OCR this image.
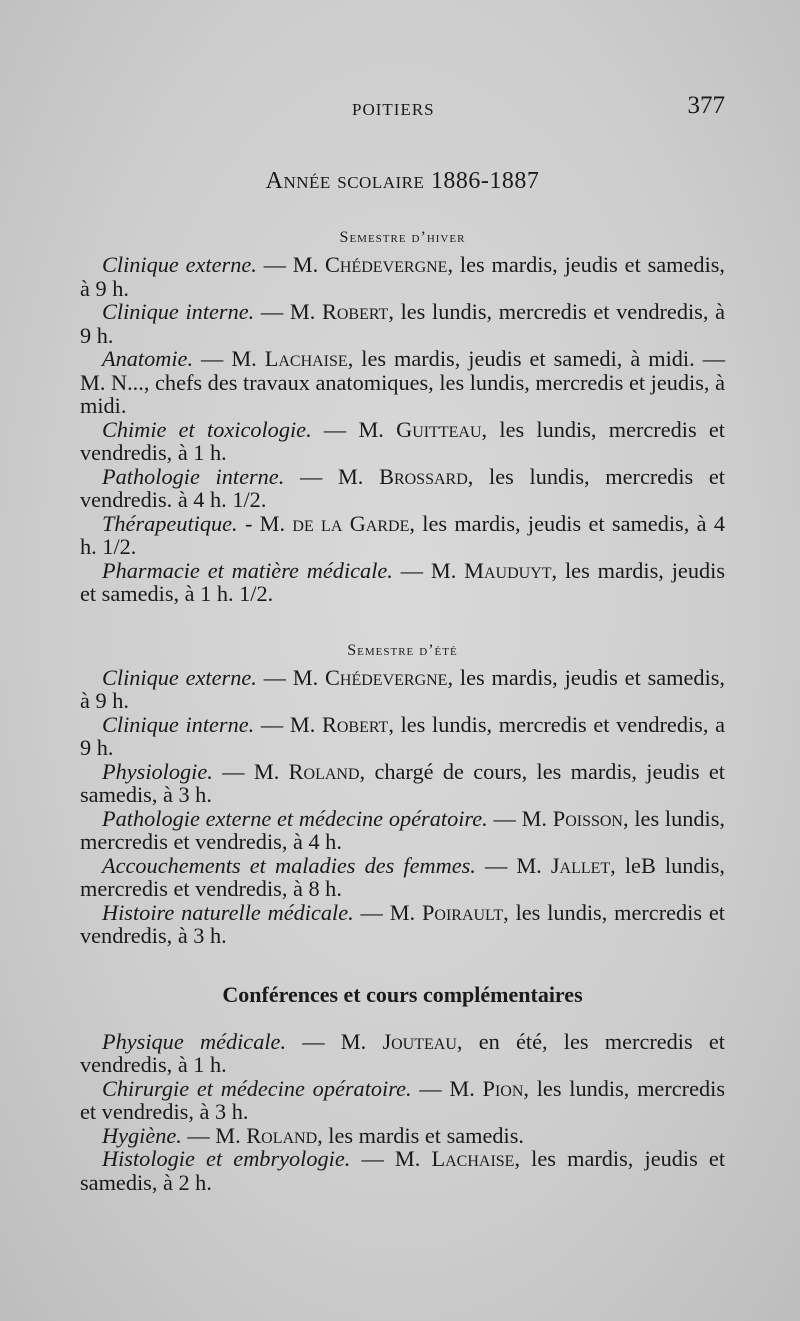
POITIERS	377
Année scolaire 1886-1887
Semestre d’hiver

Clinique externe. — M. Chédevergne, les mardis, jeudis et samedis, à 9 h.

Clinique interne. — M. Robert, les lundis, mercredis et vendredis, à 9 h.

Anatomie. — M. Lachaise, les mardis, jeudis et samedi, à midi. — M. N..., chefs des travaux anatomiques, les lundis, mercredis et jeudis, à midi.

Chimie et toxicologie. — M. Guitteau, les lundis, mercredis et vendredis, à 1 h.

Pathologie interne. — M. Brossard, les lundis, mercredis et vendredis. à 4 h. 1/2.

Thérapeutique. - M. de la Garde, les mardis, jeudis et samedis, à 4 h. 1/2.

Pharmacie et matière médicale. — M. Mauduyt, les mardis, jeudis et samedis, à 1 h. 1/2.

Semestre d’été

Clinique externe. — M. Chédevergne, les mardis, jeudis et samedis, à 9 h.

Clinique interne. — M. Robert, les lundis, mercredis et vendredis, a 9 h.

Physiologie. — M. Roland, chargé de cours, les mardis, jeudis et samedis, à 3 h.

Pathologie externe et médecine opératoire. — M. Poisson, les lundis, mercredis et vendredis, à 4 h.

Accouchements et maladies des femmes. — M. Jallet, leB lundis, mercredis et vendredis, à 8 h.

Histoire naturelle médicale. — M. Poirault, les lundis, mercredis et vendredis, à 3 h.

Conférences et cours complémentaires

Physique médicale. — M. Jouteau, en été, les mercredis et vendredis, à 1 h.

Chirurgie et médecine opératoire. — M. Pion, les lundis, mercredis et vendredis, à 3 h.

Hygiène. — M. Roland, les mardis et samedis.

Histologie et embryologie. — M. Lachaise, les mardis, jeudis et samedis, à 2 h.
